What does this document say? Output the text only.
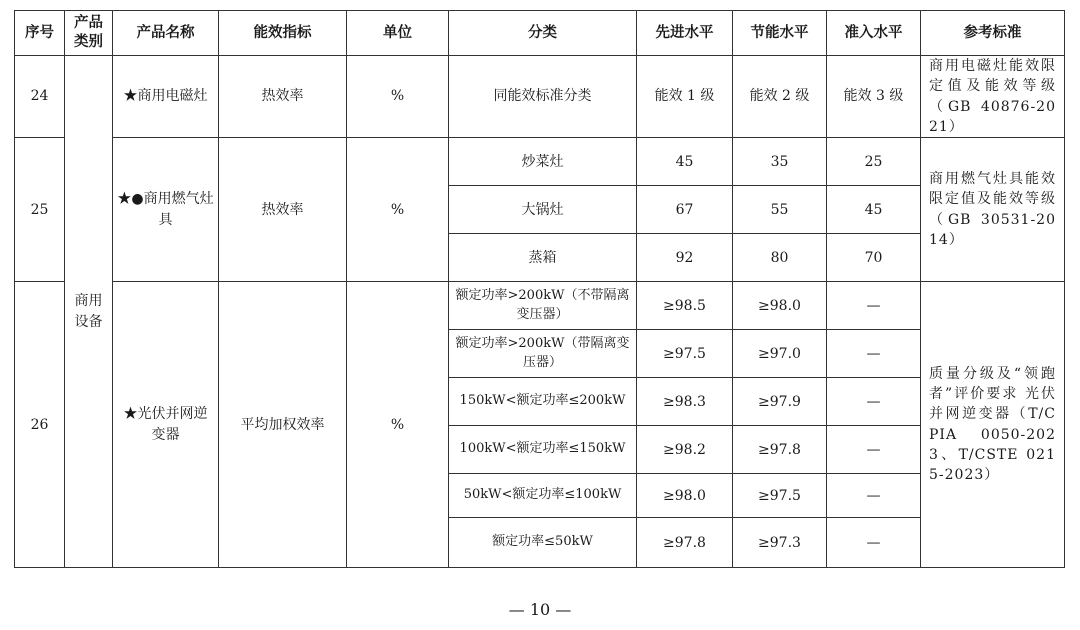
序号	产品类别	产品名称	能效指标	单位	分类	先进水平	节能水平	准入水平	参考标准
24	商用设备	★商用电磁灶	热效率	%	同能效标准分类	能效 1 级	能效 2 级	能效 3 级	商用电磁灶能效限定值及能效等级（GB 40876-2021）
25		★●商用燃气灶具	热效率	%	炒菜灶	45	35	25	商用燃气灶具能效限定值及能效等级（GB 30531-2014）
					大锅灶	67	55	45	
					蒸箱	92	80	70	
26		★光伏并网逆变器	平均加权效率	%	额定功率>200kW（不带隔离变压器）	≥98.5	≥98.0	—	质量分级及“领跑者”评价要求 光伏并网逆变器（T/CPIA 0050-2023、T/CSTE 0215-2023）
					额定功率>200kW（带隔离变压器）	≥97.5	≥97.0	—	
					150kW<额定功率≤200kW	≥98.3	≥97.9	—	
					100kW<额定功率≤150kW	≥98.2	≥97.8	—	
					50kW<额定功率≤100kW	≥98.0	≥97.5	—	
					额定功率≤50kW	≥97.8	≥97.3	—	
— 10 —
